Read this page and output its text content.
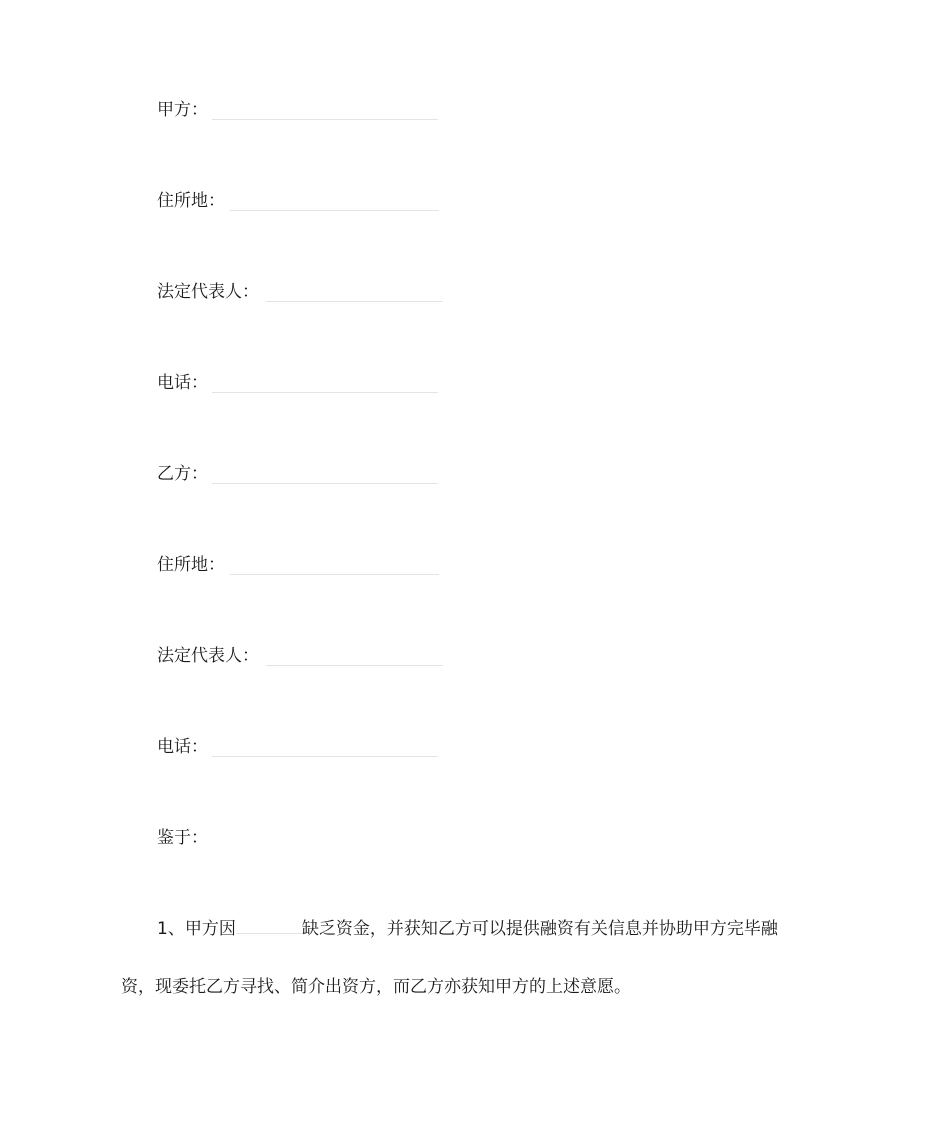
甲方：
住所地：
法定代表人：
电话：
乙方：
住所地：
法定代表人：
电话：
鉴于：
1、甲方因	缺乏资金，并获知乙方可以提供融资有关信息并协助甲方完毕融
资，现委托乙方寻找、简介出资方，而乙方亦获知甲方的上述意愿。
